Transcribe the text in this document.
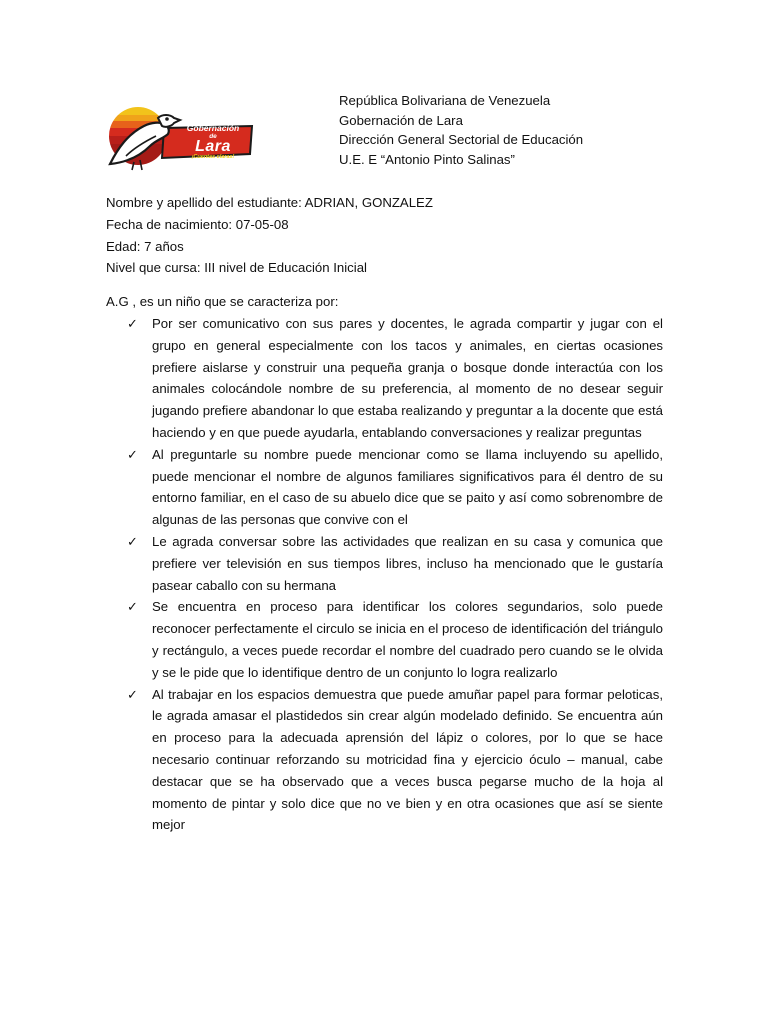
Gobernación
de
Lara
¡Cuentas claras!
República Bolivariana de Venezuela
Gobernación de Lara
Dirección General Sectorial de Educación
U.E. E “Antonio Pinto Salinas”
Nombre y apellido del estudiante: ADRIAN, GONZALEZ
Fecha de nacimiento: 07-05-08
Edad: 7 años
Nivel que cursa: III nivel de Educación Inicial
A.G , es un niño que se caracteriza por:
✓ Por ser comunicativo con sus pares y docentes, le agrada compartir y jugar con el grupo en general especialmente con los tacos y animales, en ciertas ocasiones prefiere aislarse y construir una pequeña granja o bosque donde interactúa con los animales colocándole nombre de su preferencia, al momento de no desear seguir jugando prefiere abandonar lo que estaba realizando y preguntar a la docente que está haciendo y en que puede ayudarla, entablando conversaciones y realizar preguntas
✓ Al preguntarle su nombre puede mencionar como se llama incluyendo su apellido, puede mencionar el nombre de algunos familiares significativos para él dentro de su entorno familiar, en el caso de su abuelo dice que se paito y así como sobrenombre de algunas de las personas que convive con el
✓ Le agrada conversar sobre las actividades que realizan en su casa y comunica que prefiere ver televisión en sus tiempos libres, incluso ha mencionado que le gustaría pasear caballo con su hermana
✓ Se encuentra en proceso para identificar los colores segundarios, solo puede reconocer perfectamente el circulo se inicia en el proceso de identificación del triángulo y rectángulo, a veces puede recordar el nombre del cuadrado pero cuando se le olvida y se le pide que lo identifique dentro de un conjunto lo logra realizarlo
✓ Al trabajar en los espacios demuestra que puede amuñar papel para formar peloticas, le agrada amasar el plastidedos sin crear algún modelado definido. Se encuentra aún en proceso para la adecuada aprensión del lápiz o colores, por lo que se hace necesario continuar reforzando su motricidad fina y ejercicio óculo – manual, cabe destacar que se ha observado que a veces busca pegarse mucho de la hoja al momento de pintar y solo dice que no ve bien y en otra ocasiones que así se siente mejor
